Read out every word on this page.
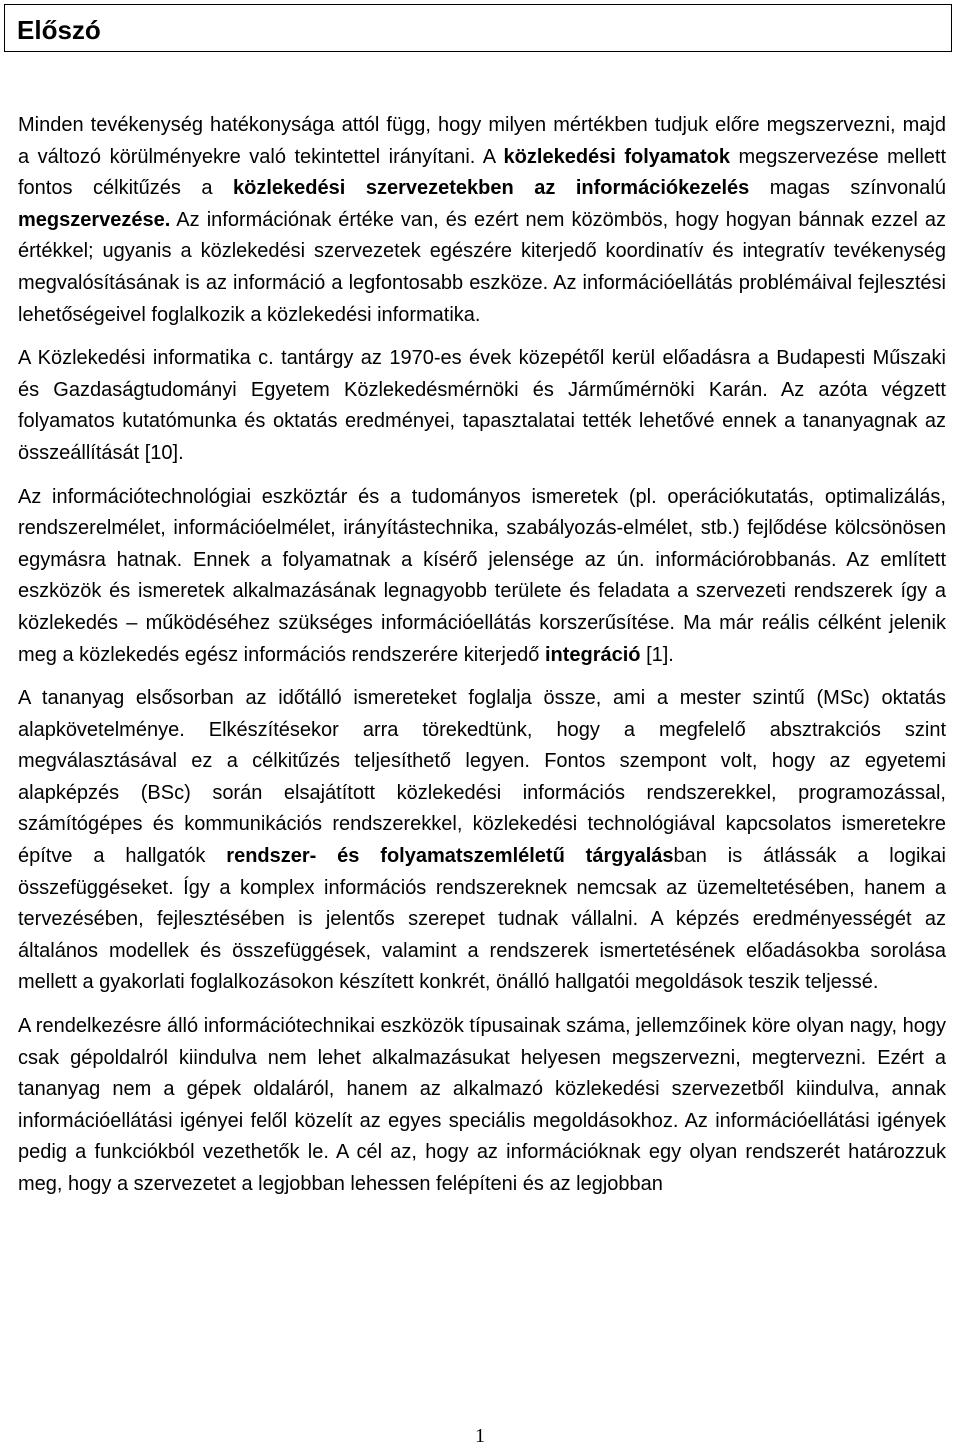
Előszó

Minden tevékenység hatékonysága attól függ, hogy milyen mértékben tudjuk előre megszervezni, majd a változó körülményekre való tekintettel irányítani. A közlekedési folyamatok megszervezése mellett fontos célkitűzés a közlekedési szervezetekben az információkezelés magas színvonalú megszervezése. Az információnak értéke van, és ezért nem közömbös, hogy hogyan bánnak ezzel az értékkel; ugyanis a közlekedési szervezetek egészére kiterjedő koordinatív és integratív tevékenység megvalósításának is az információ a legfontosabb eszköze. Az információellátás problémáival fejlesztési lehetőségeivel foglalkozik a közlekedési informatika.

A Közlekedési informatika c. tantárgy az 1970-es évek közepétől kerül előadásra a Budapesti Műszaki és Gazdaságtudományi Egyetem Közlekedésmérnöki és Járműmérnöki Karán. Az azóta végzett folyamatos kutatómunka és oktatás eredményei, tapasztalatai tették lehetővé ennek a tananyagnak az összeállítását [10].

Az információtechnológiai eszköztár és a tudományos ismeretek (pl. operációkutatás, optimalizálás, rendszerelmélet, információelmélet, irányítástechnika, szabályozás-elmélet, stb.) fejlődése kölcsönösen egymásra hatnak. Ennek a folyamatnak a kísérő jelensége az ún. információrobbanás. Az említett eszközök és ismeretek alkalmazásának legnagyobb területe és feladata a szervezeti rendszerek így a közlekedés – működéséhez szükséges információellátás korszerűsítése. Ma már reális célként jelenik meg a közlekedés egész információs rendszerére kiterjedő integráció [1].

A tananyag elsősorban az időtálló ismereteket foglalja össze, ami a mester szintű (MSc) oktatás alapkövetelménye. Elkészítésekor arra törekedtünk, hogy a megfelelő absztrakciós szint megválasztásával ez a célkitűzés teljesíthető legyen. Fontos szempont volt, hogy az egyetemi alapképzés (BSc) során elsajátított közlekedési információs rendszerekkel, programozással, számítógépes és kommunikációs rendszerekkel, közlekedési technológiával kapcsolatos ismeretekre építve a hallgatók rendszer- és folyamatszemléletű tárgyalásban is átlássák a logikai összefüggéseket. Így a komplex információs rendszereknek nemcsak az üzemeltetésében, hanem a tervezésében, fejlesztésében is jelentős szerepet tudnak vállalni. A képzés eredményességét az általános modellek és összefüggések, valamint a rendszerek ismertetésének előadásokba sorolása mellett a gyakorlati foglalkozásokon készített konkrét, önálló hallgatói megoldások teszik teljessé.

A rendelkezésre álló információtechnikai eszközök típusainak száma, jellemzőinek köre olyan nagy, hogy csak gépoldalról kiindulva nem lehet alkalmazásukat helyesen megszervezni, megtervezni. Ezért a tananyag nem a gépek oldaláról, hanem az alkalmazó közlekedési szervezetből kiindulva, annak információellátási igényei felől közelít az egyes speciális megoldásokhoz. Az információellátási igények pedig a funkciókból vezethetők le. A cél az, hogy az információknak egy olyan rendszerét határozzuk meg, hogy a szervezetet a legjobban lehessen felépíteni és az legjobban

1
